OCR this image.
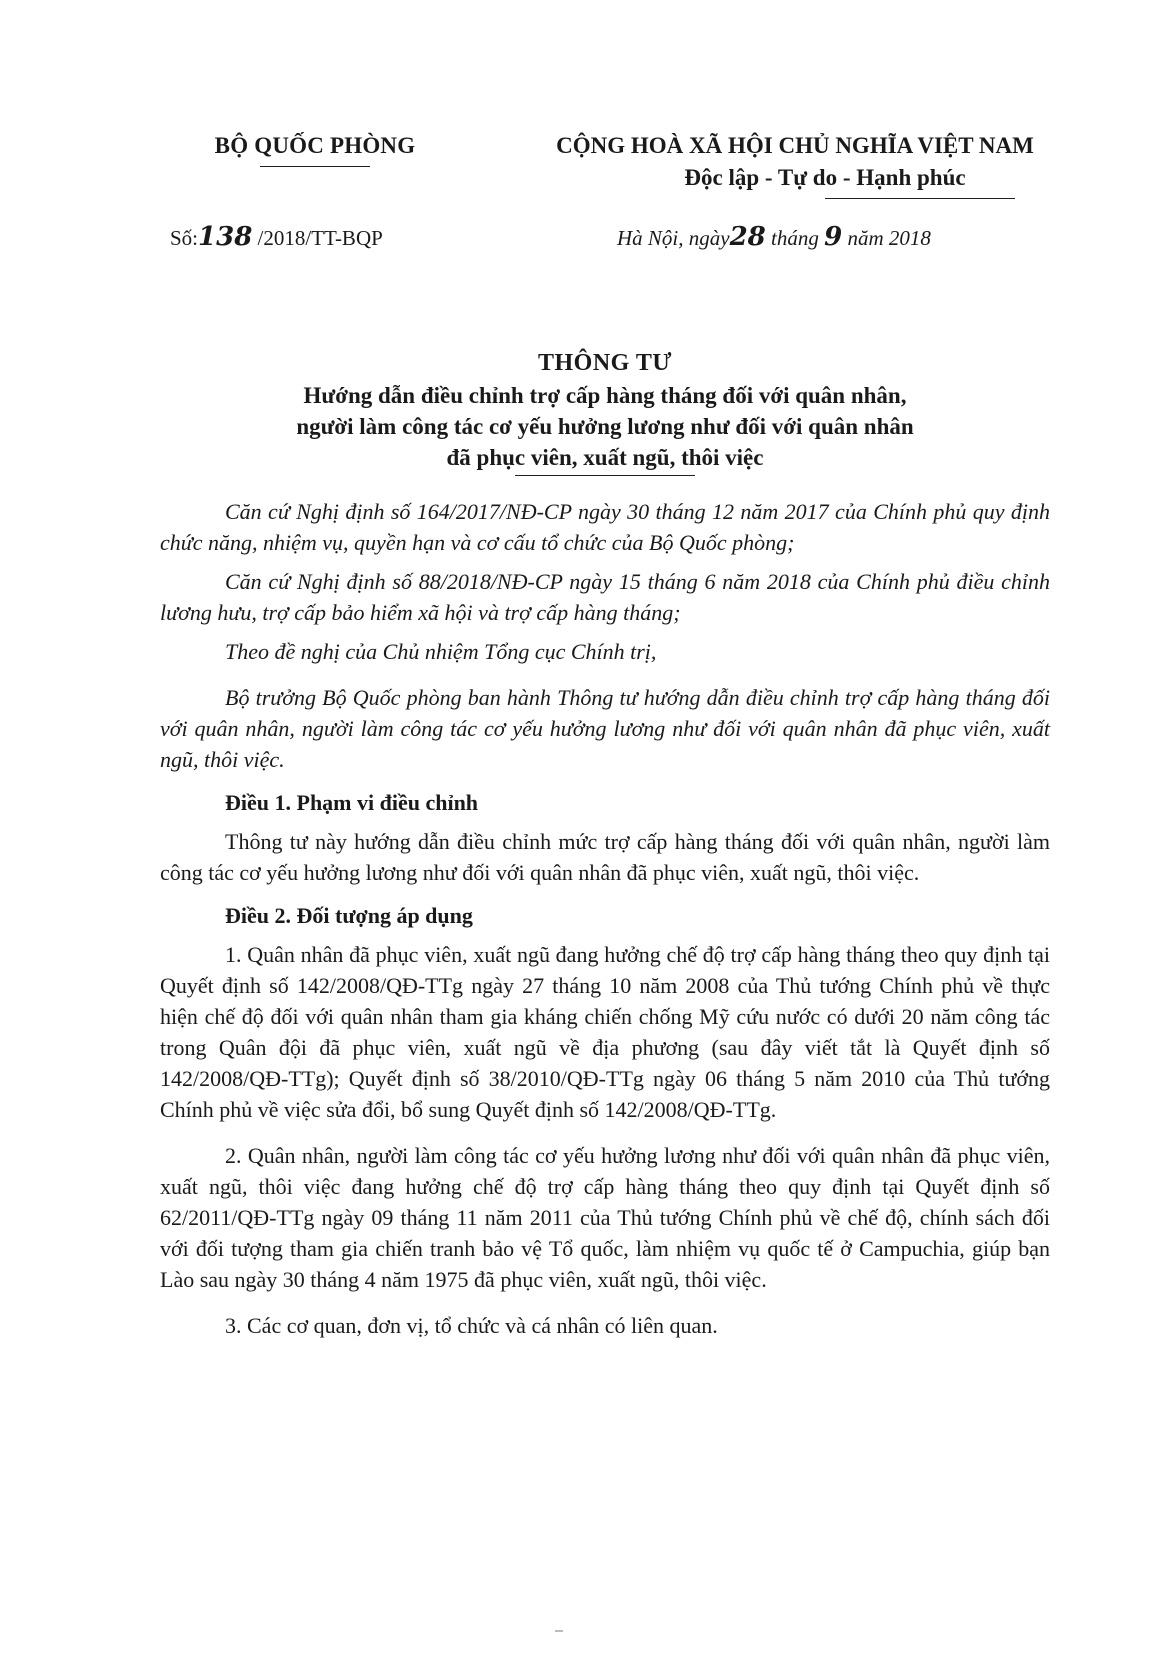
BỘ QUỐC PHÒNG	CỘNG HOÀ XÃ HỘI CHỦ NGHĨA VIỆT NAM
Độc lập - Tự do - Hạnh phúc
Số:138 /2018/TT-BQP	Hà Nội, ngày28 tháng 9 năm 2018
THÔNG TƯ
Hướng dẫn điều chỉnh trợ cấp hàng tháng đối với quân nhân,
người làm công tác cơ yếu hưởng lương như đối với quân nhân
đã phục viên, xuất ngũ, thôi việc

Căn cứ Nghị định số 164/2017/NĐ-CP ngày 30 tháng 12 năm 2017 của Chính phủ quy định chức năng, nhiệm vụ, quyền hạn và cơ cấu tổ chức của Bộ Quốc phòng;

Căn cứ Nghị định số 88/2018/NĐ-CP ngày 15 tháng 6 năm 2018 của Chính phủ điều chỉnh lương hưu, trợ cấp bảo hiểm xã hội và trợ cấp hàng tháng;

Theo đề nghị của Chủ nhiệm Tổng cục Chính trị,

Bộ trưởng Bộ Quốc phòng ban hành Thông tư hướng dẫn điều chỉnh trợ cấp hàng tháng đối với quân nhân, người làm công tác cơ yếu hưởng lương như đối với quân nhân đã phục viên, xuất ngũ, thôi việc.

Điều 1. Phạm vi điều chỉnh

Thông tư này hướng dẫn điều chỉnh mức trợ cấp hàng tháng đối với quân nhân, người làm công tác cơ yếu hưởng lương như đối với quân nhân đã phục viên, xuất ngũ, thôi việc.

Điều 2. Đối tượng áp dụng

1. Quân nhân đã phục viên, xuất ngũ đang hưởng chế độ trợ cấp hàng tháng theo quy định tại Quyết định số 142/2008/QĐ-TTg ngày 27 tháng 10 năm 2008 của Thủ tướng Chính phủ về thực hiện chế độ đối với quân nhân tham gia kháng chiến chống Mỹ cứu nước có dưới 20 năm công tác trong Quân đội đã phục viên, xuất ngũ về địa phương (sau đây viết tắt là Quyết định số 142/2008/QĐ-TTg); Quyết định số 38/2010/QĐ-TTg ngày 06 tháng 5 năm 2010 của Thủ tướng Chính phủ về việc sửa đổi, bổ sung Quyết định số 142/2008/QĐ-TTg.

2. Quân nhân, người làm công tác cơ yếu hưởng lương như đối với quân nhân đã phục viên, xuất ngũ, thôi việc đang hưởng chế độ trợ cấp hàng tháng theo quy định tại Quyết định số 62/2011/QĐ-TTg ngày 09 tháng 11 năm 2011 của Thủ tướng Chính phủ về chế độ, chính sách đối với đối tượng tham gia chiến tranh bảo vệ Tổ quốc, làm nhiệm vụ quốc tế ở Campuchia, giúp bạn Lào sau ngày 30 tháng 4 năm 1975 đã phục viên, xuất ngũ, thôi việc.

3. Các cơ quan, đơn vị, tổ chức và cá nhân có liên quan.
